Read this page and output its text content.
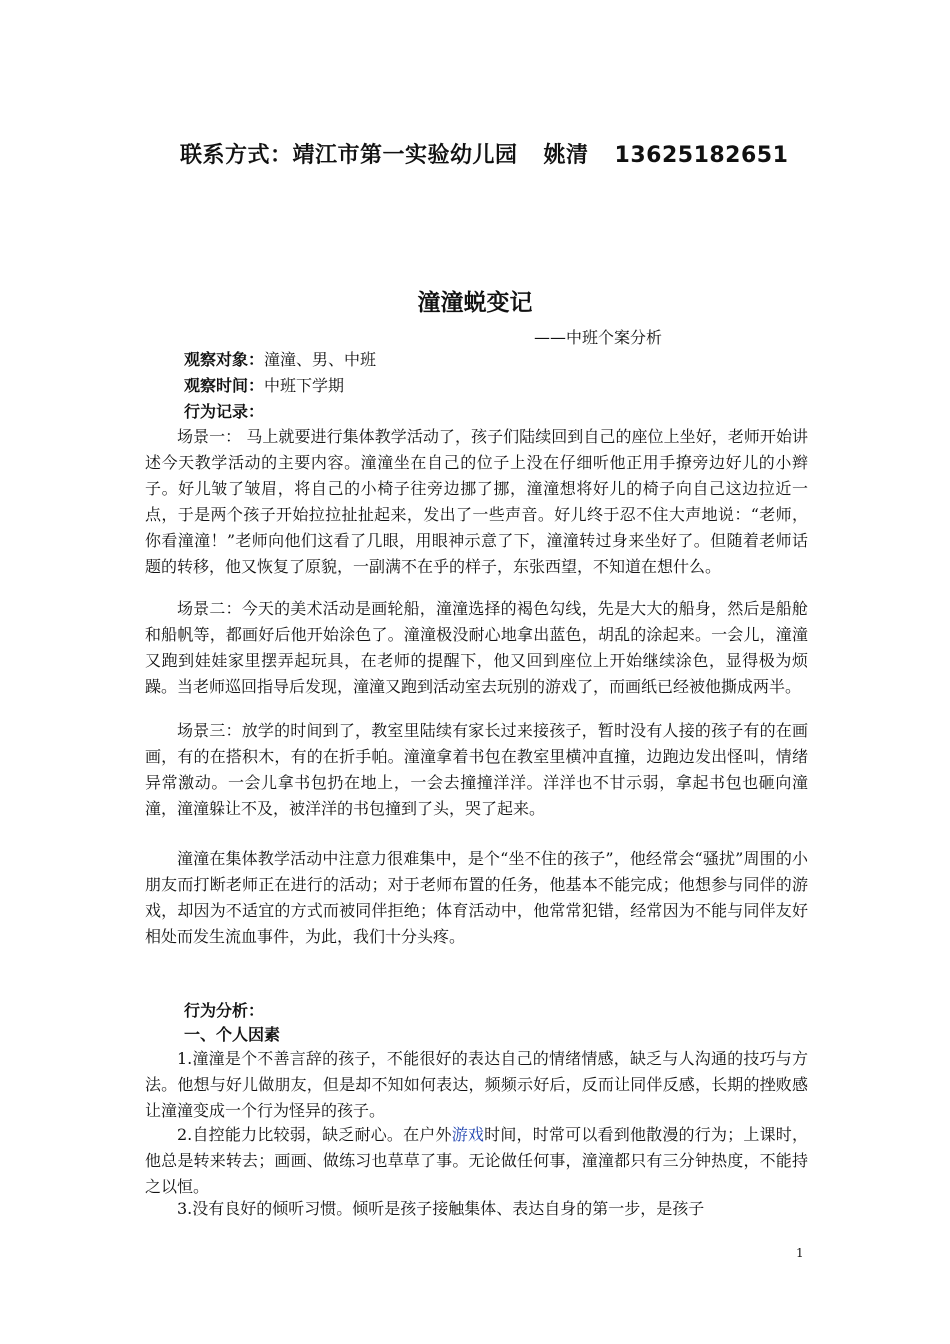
联系方式：靖江市第一实验幼儿园 姚清 13625182651
潼潼蜕变记
——中班个案分析
观察对象：潼潼、男、中班
观察时间：中班下学期
行为记录：

场景一： 马上就要进行集体教学活动了，孩子们陆续回到自己的座位上坐好，老师开始讲述今天教学活动的主要内容。潼潼坐在自己的位子上没在仔细听他正用手撩旁边好儿的小辫子。好儿皱了皱眉，将自己的小椅子往旁边挪了挪，潼潼想将好儿的椅子向自己这边拉近一点，于是两个孩子开始拉拉扯扯起来，发出了一些声音。好儿终于忍不住大声地说：“老师，你看潼潼！”老师向他们这看了几眼，用眼神示意了下，潼潼转过身来坐好了。但随着老师话题的转移，他又恢复了原貌，一副满不在乎的样子，东张西望，不知道在想什么。

场景二：今天的美术活动是画轮船，潼潼选择的褐色勾线，先是大大的船身，然后是船舱和船帆等，都画好后他开始涂色了。潼潼极没耐心地拿出蓝色，胡乱的涂起来。一会儿，潼潼又跑到娃娃家里摆弄起玩具，在老师的提醒下，他又回到座位上开始继续涂色，显得极为烦躁。当老师巡回指导后发现，潼潼又跑到活动室去玩别的游戏了，而画纸已经被他撕成两半。

场景三：放学的时间到了，教室里陆续有家长过来接孩子，暂时没有人接的孩子有的在画画，有的在搭积木，有的在折手帕。潼潼拿着书包在教室里横冲直撞，边跑边发出怪叫，情绪异常激动。一会儿拿书包扔在地上，一会去撞撞洋洋。洋洋也不甘示弱，拿起书包也砸向潼潼，潼潼躲让不及，被洋洋的书包撞到了头，哭了起来。

潼潼在集体教学活动中注意力很难集中，是个“坐不住的孩子”，他经常会“骚扰”周围的小朋友而打断老师正在进行的活动；对于老师布置的任务，他基本不能完成；他想参与同伴的游戏，却因为不适宜的方式而被同伴拒绝；体育活动中，他常常犯错，经常因为不能与同伴友好相处而发生流血事件，为此，我们十分头疼。

行为分析：
一、个人因素

1.潼潼是个不善言辞的孩子，不能很好的表达自己的情绪情感，缺乏与人沟通的技巧与方法。他想与好儿做朋友，但是却不知如何表达，频频示好后，反而让同伴反感，长期的挫败感让潼潼变成一个行为怪异的孩子。

2.自控能力比较弱，缺乏耐心。在户外游戏时间，时常可以看到他散漫的行为；上课时，他总是转来转去；画画、做练习也草草了事。无论做任何事，潼潼都只有三分钟热度，不能持之以恒。

3.没有良好的倾听习惯。倾听是孩子接触集体、表达自身的第一步，是孩子

1
